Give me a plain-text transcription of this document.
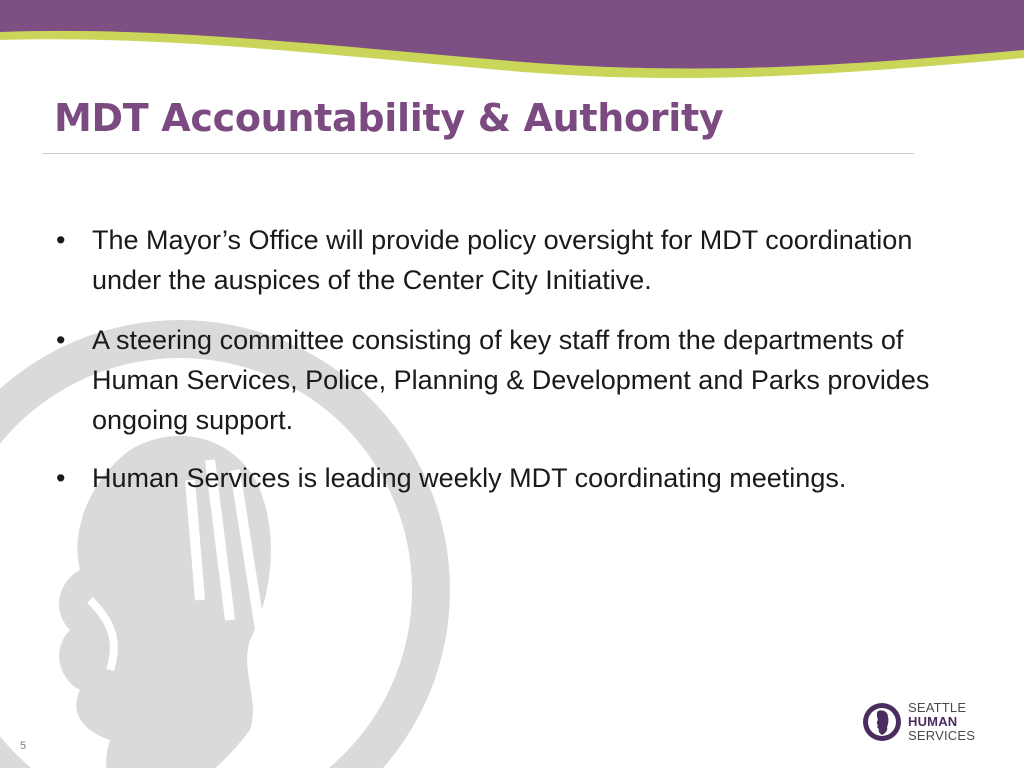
MDT Accountability & Authority
• The Mayor’s Office will provide policy oversight for MDT coordination under the auspices of the Center City Initiative.
• A steering committee consisting of key staff from the departments of Human Services, Police, Planning & Development and Parks provides ongoing support.
• Human Services is leading weekly MDT coordinating meetings.
SEATTLE
HUMAN
SERVICES
5
